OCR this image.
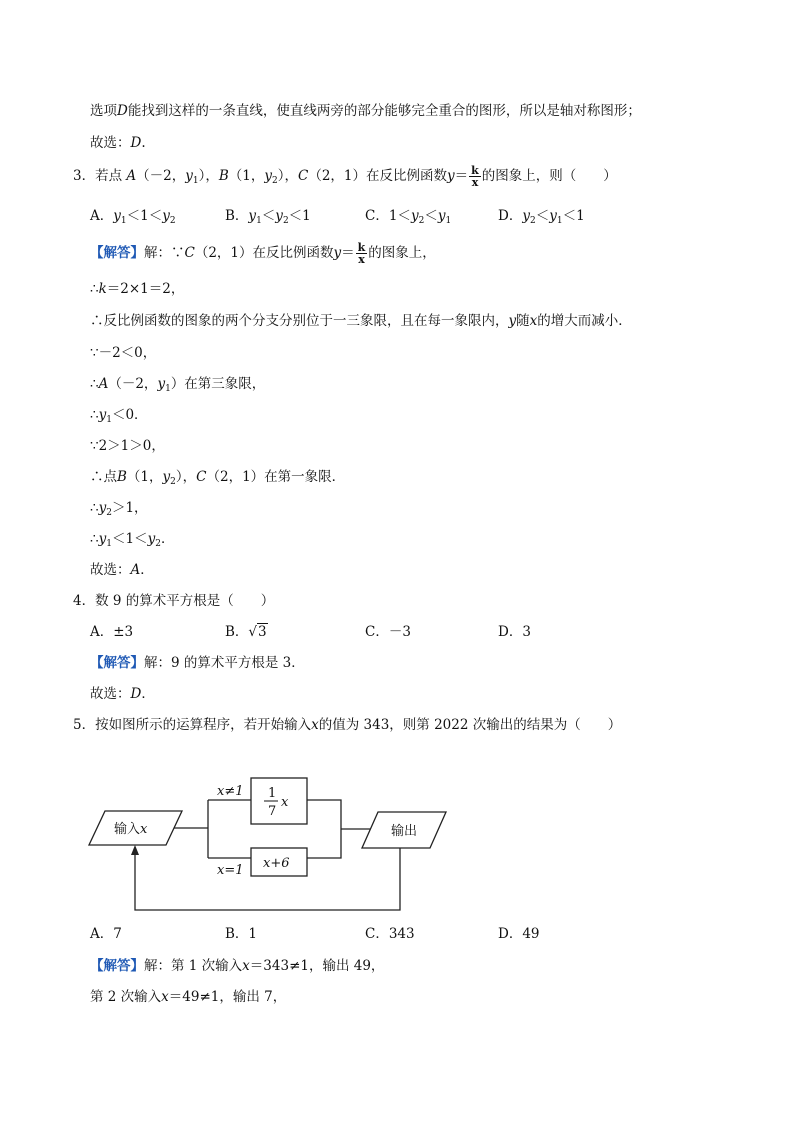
选项D能找到这样的一条直线，使直线两旁的部分能够完全重合的图形，所以是轴对称图形；
故选：D.
3．若点 A（－2，$y_1$），B（1，$y_2$），C（2，1）在反比例函数$y= \frac{k}{x}$ 的图象上，则（　　）
A．$y_1<1<y_2$	B．$y_1<y_2<1$	C．$1<y_2<y_1$	D．$y_2<y_1<1$
【解答】解：∵C（2，1）在反比例函数$y= \frac{k}{x}$ 的图象上，
∴k＝2×1＝2，
∴反比例函数的图象的两个分支分别位于一三象限，且在每一象限内，y随x的增大而减小．
∵－2＜0，
∴A（－2，$y_1$）在第三象限，
$\therefore y_1<0$．
∵2＞1＞0，
∴点B（1，$y_2$），C（2，1）在第一象限．
$\therefore y_2>1$，
$\therefore y_1<1<y_2$．
故选：A．
4．数 9 的算术平方根是（　　）
A．±3	B．√3	C．－3	D．3
【解答】解：9 的算术平方根是 3．
故选：D．
5．按如图所示的运算程序，若开始输入x的值为 343，则第 2022 次输出的结果为（　　）
输入x	输出
x≠1
x=1
1
7
x
x+6
A．7	B．1	C．343	D．49
【解答】解：第 1 次输入x＝343≠1，输出 49，
第 2 次输入x＝49≠1，输出 7，
